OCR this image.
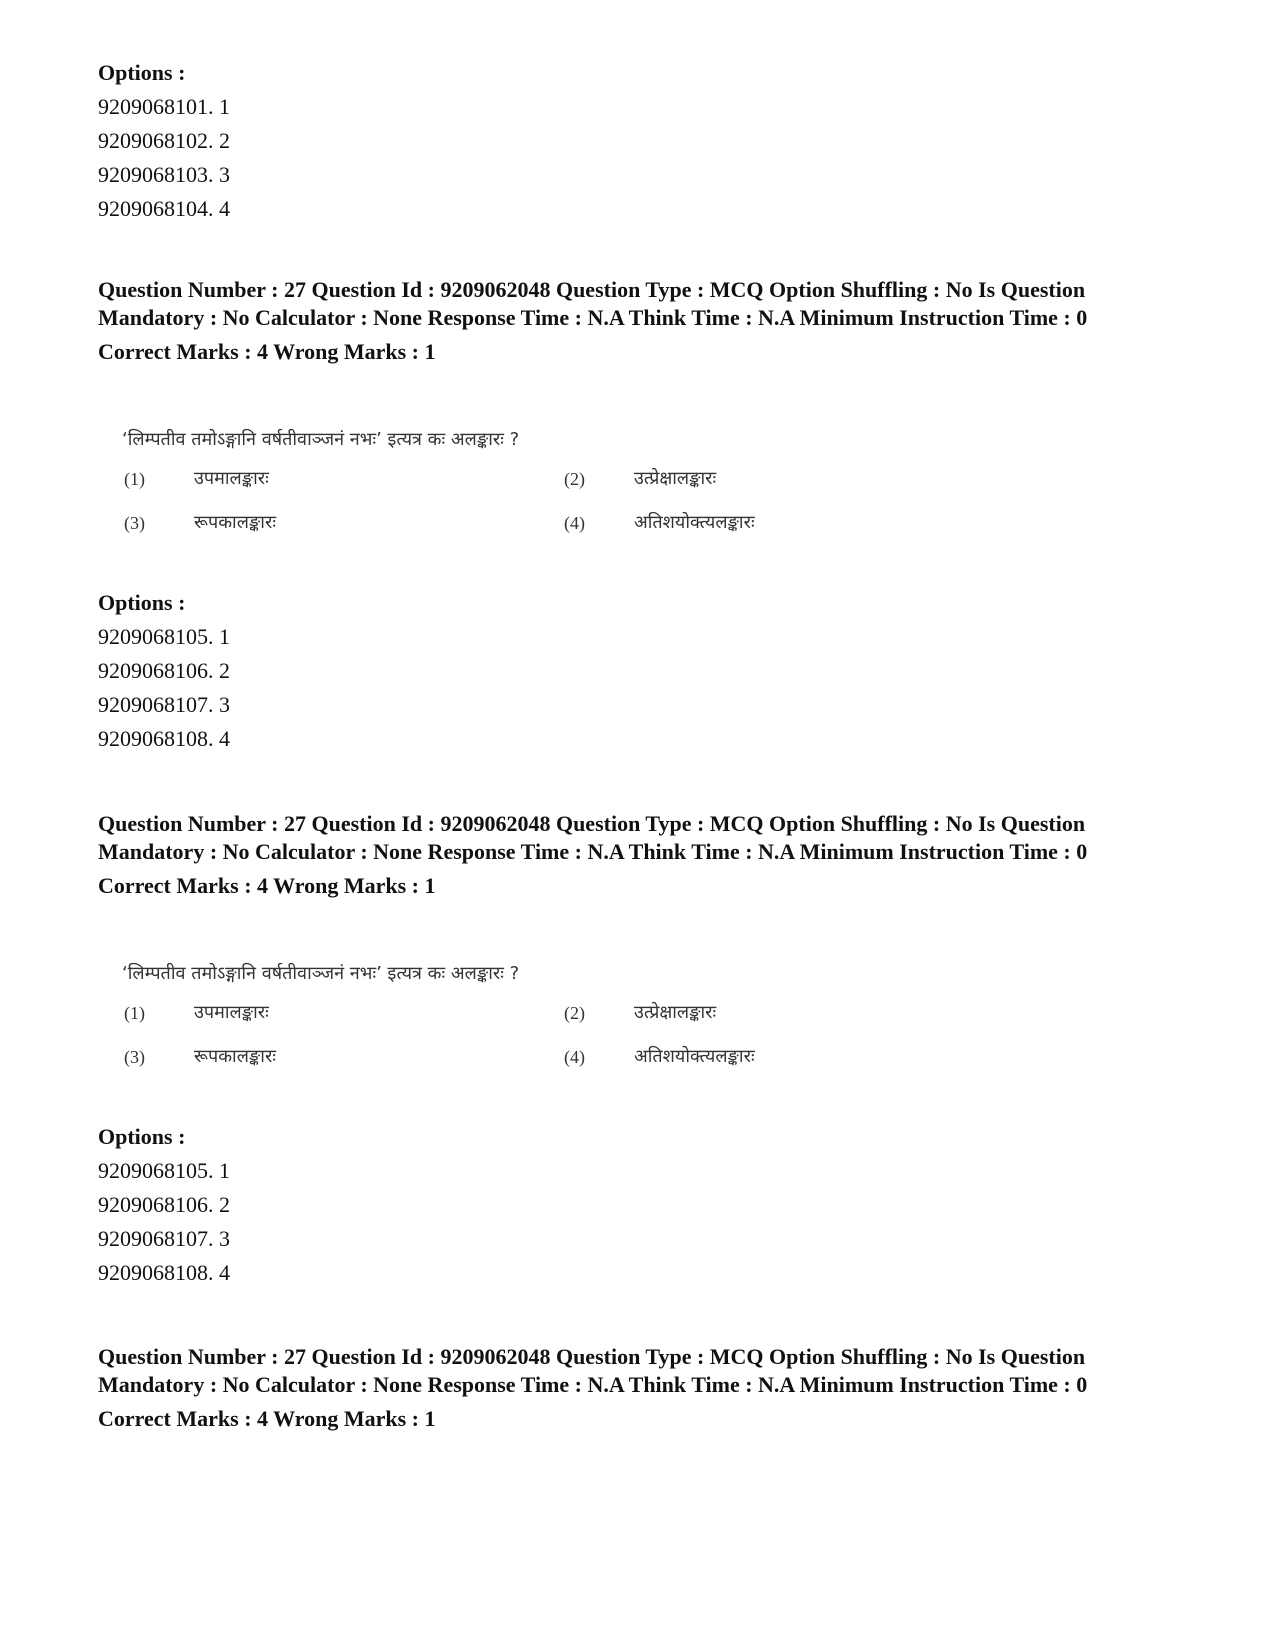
Options :

9209068101. 1

9209068102. 2

9209068103. 3

9209068104. 4

Question Number : 27 Question Id : 9209062048 Question Type : MCQ Option Shuffling : No Is Question Mandatory : No Calculator : None Response Time : N.A Think Time : N.A Minimum Instruction Time : 0

Correct Marks : 4 Wrong Marks : 1

‘लिम्पतीव तमोऽङ्गानि वर्षतीवाञ्जनं नभः’ इत्यत्र कः अलङ्कारः ?

(1)	उपमालङ्कारः	(2)	उत्प्रेक्षालङ्कारः
(3)	रूपकालङ्कारः	(4)	अतिशयोक्त्यलङ्कारः

Options :

9209068105. 1

9209068106. 2

9209068107. 3

9209068108. 4

Question Number : 27 Question Id : 9209062048 Question Type : MCQ Option Shuffling : No Is Question Mandatory : No Calculator : None Response Time : N.A Think Time : N.A Minimum Instruction Time : 0

Correct Marks : 4 Wrong Marks : 1

‘लिम्पतीव तमोऽङ्गानि वर्षतीवाञ्जनं नभः’ इत्यत्र कः अलङ्कारः ?

(1)	उपमालङ्कारः	(2)	उत्प्रेक्षालङ्कारः
(3)	रूपकालङ्कारः	(4)	अतिशयोक्त्यलङ्कारः

Options :

9209068105. 1

9209068106. 2

9209068107. 3

9209068108. 4

Question Number : 27 Question Id : 9209062048 Question Type : MCQ Option Shuffling : No Is Question Mandatory : No Calculator : None Response Time : N.A Think Time : N.A Minimum Instruction Time : 0

Correct Marks : 4 Wrong Marks : 1
